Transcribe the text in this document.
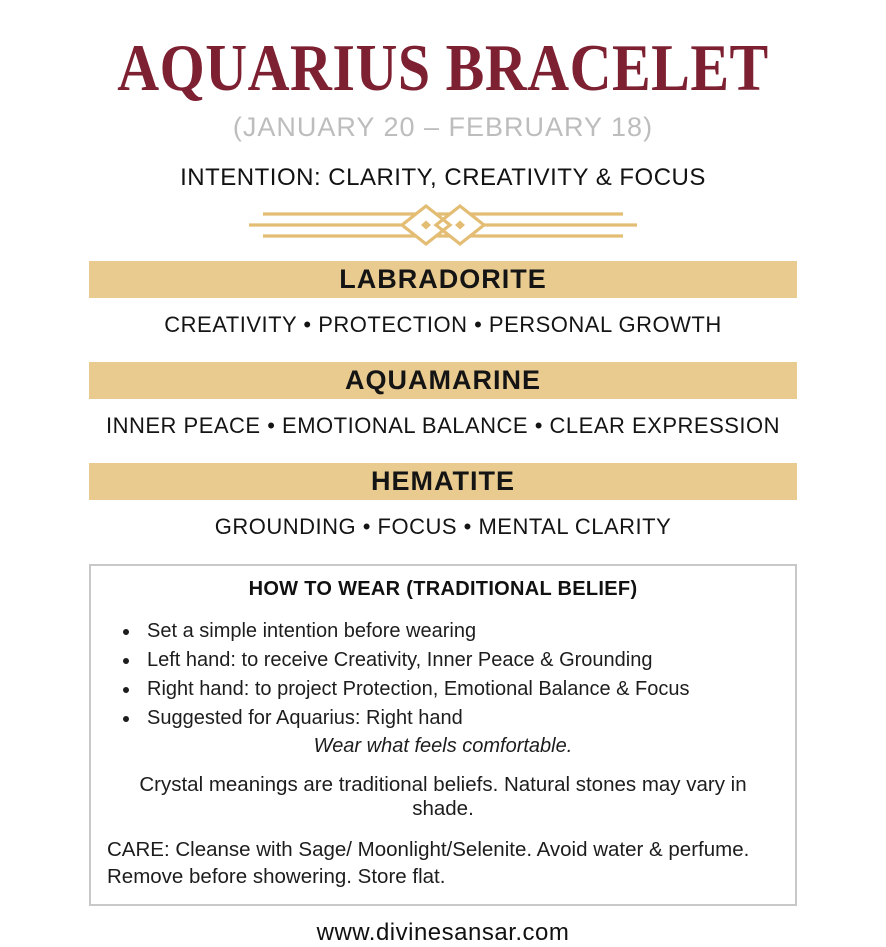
AQUARIUS BRACELET
(JANUARY 20 – FEBRUARY 18)
INTENTION: CLARITY, CREATIVITY & FOCUS
LABRADORITE
CREATIVITY • PROTECTION • PERSONAL GROWTH
AQUAMARINE
INNER PEACE • EMOTIONAL BALANCE • CLEAR EXPRESSION
HEMATITE
GROUNDING • FOCUS • MENTAL CLARITY
HOW TO WEAR (TRADITIONAL BELIEF)
• Set a simple intention before wearing
• Left hand: to receive Creativity, Inner Peace & Grounding
• Right hand: to project Protection, Emotional Balance & Focus
• Suggested for Aquarius: Right hand
Wear what feels comfortable.
Crystal meanings are traditional beliefs. Natural stones may vary in shade.
CARE: Cleanse with Sage/ Moonlight/Selenite. Avoid water & perfume. Remove before showering. Store flat.
www.divinesansar.com
